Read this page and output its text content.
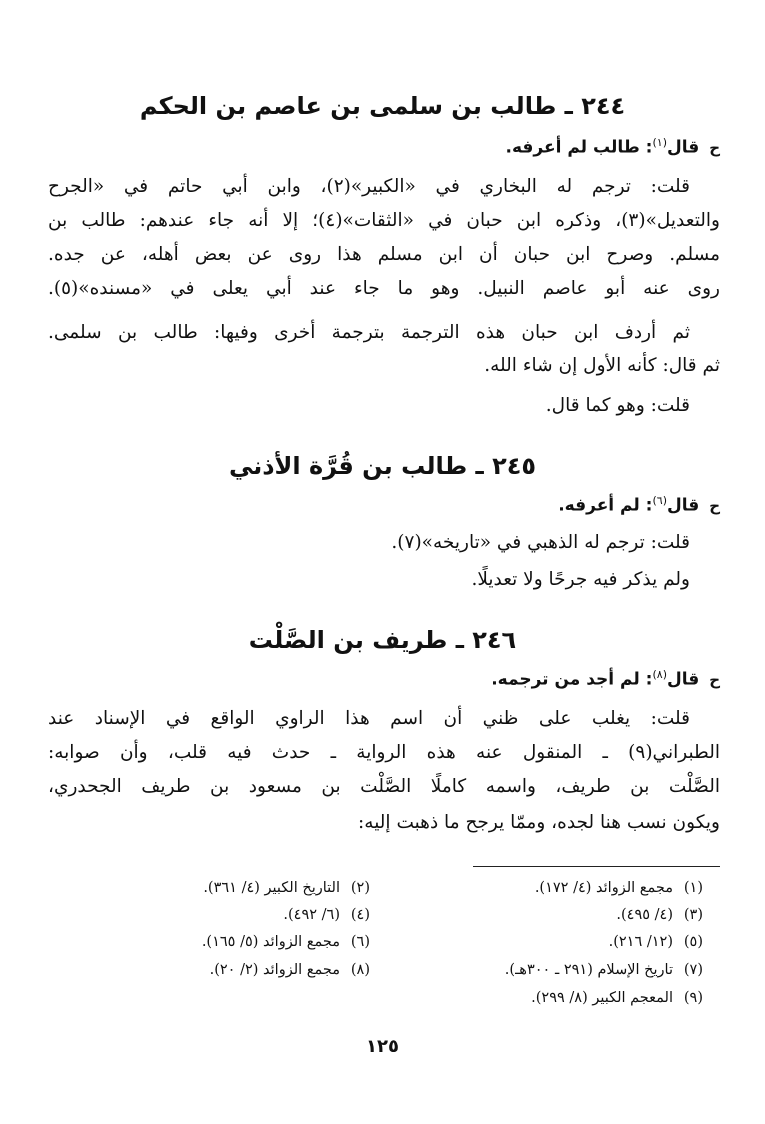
٢٤٤ ـ طالب بن سلمى بن عاصم بن الحكم
ح قال$^{(١)}$: طالب لم أعرفه.
قلت: ترجم له البخاري في «الكبير»(٢)، وابن أبي حاتم في «الجرح
والتعديل»(٣)، وذكره ابن حبان في «الثقات»(٤)؛ إلا أنه جاء عندهم: طالب بن
مسلم. وصرح ابن حبان أن ابن مسلم هذا روى عن بعض أهله، عن جده.
روى عنه أبو عاصم النبيل. وهو ما جاء عند أبي يعلى في «مسنده»(٥).
ثم أردف ابن حبان هذه الترجمة بترجمة أخرى وفيها: طالب بن سلمى.
ثم قال: كأنه الأول إن شاء الله.
قلت: وهو كما قال.
٢٤٥ ـ طالب بن قُرَّة الأذني
ح قال$^{(٦)}$: لم أعرفه.
قلت: ترجم له الذهبي في «تاريخه»(٧).
ولم يذكر فيه جرحًا ولا تعديلًا.
٢٤٦ ـ طريف بن الصَّلْت
ح قال$^{(٨)}$: لم أجد من ترجمه.
قلت: يغلب على ظني أن اسم هذا الراوي الواقع في الإسناد عند
الطبراني(٩) ـ المنقول عنه هذه الرواية ـ حدث فيه قلب، وأن صوابه:
الصَّلْت بن طريف، واسمه كاملًا الصَّلْت بن مسعود بن طريف الجحدري،
ويكون نسب هنا لجده، وممّا يرجح ما ذهبت إليه:
(١)مجمع الزوائد (٤/ ١٧٢).
(٢)التاريخ الكبير (٤/ ٣٦١).
(٣)(٤/ ٤٩٥).
(٤)(٦/ ٤٩٢).
(٥)(١٢/ ٢١٦).
(٦)مجمع الزوائد (٥/ ١٦٥).
(٧)تاريخ الإسلام (٢٩١ ـ ٣٠٠هـ).
(٨)مجمع الزوائد (٢/ ٢٠).
(٩)المعجم الكبير (٨/ ٢٩٩).
١٢٥
